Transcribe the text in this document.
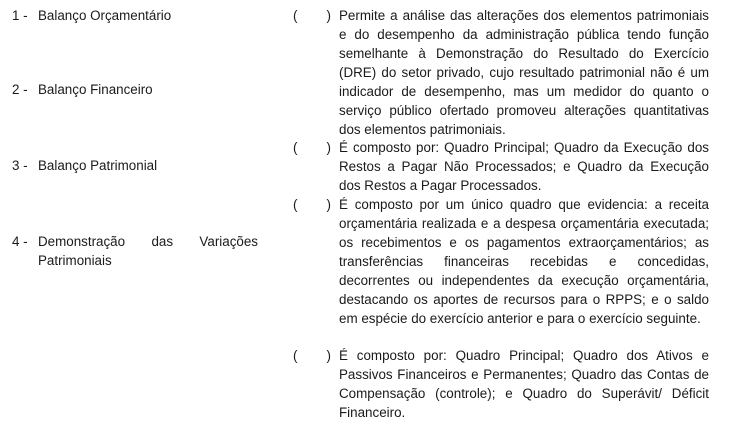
1 - Balanço Orçamentário
2 - Balanço Financeiro
3 - Balanço Patrimonial
4 - Demonstração das Variações
Patrimoniais
( )
( )
( )
( )
Permite a análise das alterações dos elementos patrimoniais e do desempenho da administração pública tendo função semelhante à Demonstração do Resultado do Exercício (DRE) do setor privado, cujo resultado patrimonial não é um indicador de desempenho, mas um medidor do quanto o serviço público ofertado promoveu alterações quantitativas dos elementos patrimoniais.
É composto por: Quadro Principal; Quadro da Execução dos Restos a Pagar Não Processados; e Quadro da Execução dos Restos a Pagar Processados.
É composto por um único quadro que evidencia: a receita orçamentária realizada e a despesa orçamentária executada; os recebimentos e os pagamentos extraorçamentários; as transferências financeiras recebidas e concedidas, decorrentes ou independentes da execução orçamentária, destacando os aportes de recursos para o RPPS; e o saldo em espécie do exercício anterior e para o exercício seguinte.
É composto por: Quadro Principal; Quadro dos Ativos e Passivos Financeiros e Permanentes; Quadro das Contas de Compensação (controle); e Quadro do Superávit/ Déficit Financeiro.
